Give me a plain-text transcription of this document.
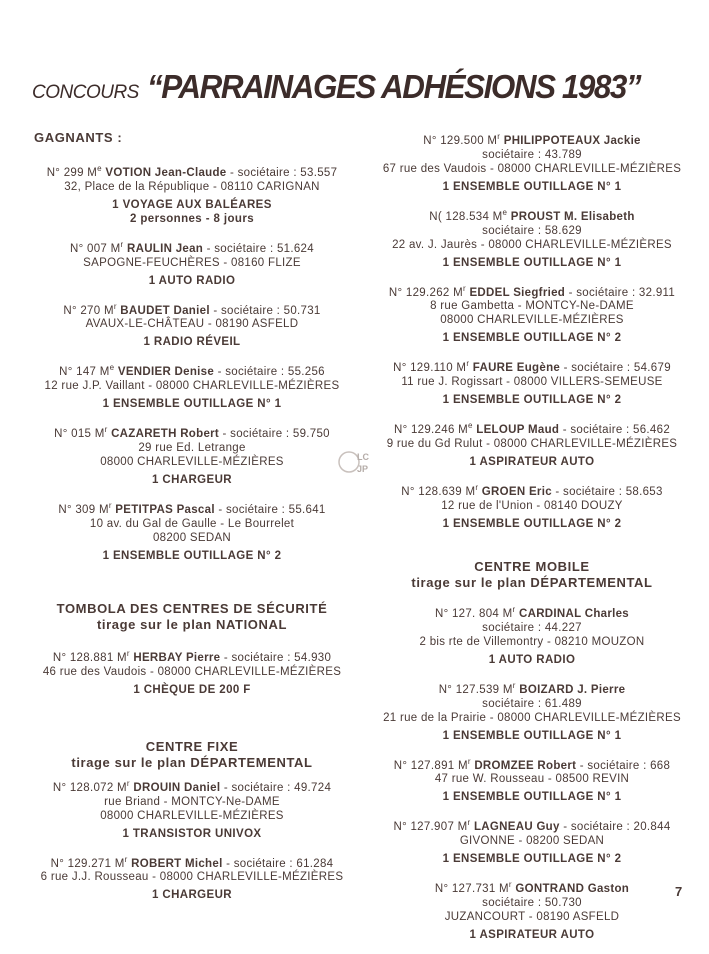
CONCOURS “PARRAINAGES ADHÉSIONS 1983”
LC
JP
GAGNANTS :
N° 299 Me VOTION Jean-Claude - sociétaire : 53.557
32, Place de la République - 08110 CARIGNAN
1 VOYAGE AUX BALÉARES
2 personnes - 8 jours
N° 007 $M^r$ RAULIN Jean - sociétaire : 51.624
SAPOGNE-FEUCHÈRES - 08160 FLIZE
1 AUTO RADIO
N° 270 $M^r$ BAUDET Daniel - sociétaire : 50.731
AVAUX-LE-CHÂTEAU - 08190 ASFELD
1 RADIO RÉVEIL
N° 147 Me VENDIER Denise - sociétaire : 55.256
12 rue J.P. Vaillant - 08000 CHARLEVILLE-MÉZIÈRES
1 ENSEMBLE OUTILLAGE N° 1
N° 015 $M^r$ CAZARETH Robert - sociétaire : 59.750
29 rue Ed. Letrange
08000 CHARLEVILLE-MÉZIÈRES
1 CHARGEUR
N° 309 $M^r$ PETITPAS Pascal - sociétaire : 55.641
10 av. du Gal de Gaulle - Le Bourrelet
08200 SEDAN
1 ENSEMBLE OUTILLAGE N° 2
TOMBOLA DES CENTRES DE SÉCURITÉ
tirage sur le plan NATIONAL
N° 128.881 $M^r$ HERBAY Pierre - sociétaire : 54.930
46 rue des Vaudois - 08000 CHARLEVILLE-MÉZIÈRES
1 CHÈQUE DE 200 F
CENTRE FIXE
tirage sur le plan DÉPARTEMENTAL
N° 128.072 $M^r$ DROUIN Daniel - sociétaire : 49.724
rue Briand - MONTCY-Ne-DAME
08000 CHARLEVILLE-MÉZIÈRES
1 TRANSISTOR UNIVOX
N° 129.271 $M^r$ ROBERT Michel - sociétaire : 61.284
6 rue J.J. Rousseau - 08000 CHARLEVILLE-MÉZIÈRES
1 CHARGEUR
N° 129.500 $M^r$ PHILIPPOTEAUX Jackie
sociétaire : 43.789
67 rue des Vaudois - 08000 CHARLEVILLE-MÉZIÈRES
1 ENSEMBLE OUTILLAGE N° 1
N( 128.534 Me PROUST M. Elisabeth
sociétaire : 58.629
22 av. J. Jaurès - 08000 CHARLEVILLE-MÉZIÈRES
1 ENSEMBLE OUTILLAGE N° 1
N° 129.262 $M^r$ EDDEL Siegfried - sociétaire : 32.911
8 rue Gambetta - MONTCY-Ne-DAME
08000 CHARLEVILLE-MÉZIÈRES
1 ENSEMBLE OUTILLAGE N° 2
N° 129.110 $M^r$ FAURE Eugène - sociétaire : 54.679
11 rue J. Rogissart - 08000 VILLERS-SEMEUSE
1 ENSEMBLE OUTILLAGE N° 2
N° 129.246 Me LELOUP Maud - sociétaire : 56.462
9 rue du Gd Rulut - 08000 CHARLEVILLE-MÉZIÈRES
1 ASPIRATEUR AUTO
N° 128.639 $M^r$ GROEN Eric - sociétaire : 58.653
12 rue de l'Union - 08140 DOUZY
1 ENSEMBLE OUTILLAGE N° 2
CENTRE MOBILE
tirage sur le plan DÉPARTEMENTAL
N° 127. 804 $M^r$ CARDINAL Charles
sociétaire : 44.227
2 bis rte de Villemontry - 08210 MOUZON
1 AUTO RADIO
N° 127.539 $M^r$ BOIZARD J. Pierre
sociétaire : 61.489
21 rue de la Prairie - 08000 CHARLEVILLE-MÉZIÈRES
1 ENSEMBLE OUTILLAGE N° 1
N° 127.891 $M^r$ DROMZEE Robert - sociétaire : 668
47 rue W. Rousseau - 08500 REVIN
1 ENSEMBLE OUTILLAGE N° 1
N° 127.907 $M^r$ LAGNEAU Guy - sociétaire : 20.844
GIVONNE - 08200 SEDAN
1 ENSEMBLE OUTILLAGE N° 2
N° 127.731 $M^r$ GONTRAND Gaston
sociétaire : 50.730
JUZANCOURT - 08190 ASFELD
1 ASPIRATEUR AUTO
7
